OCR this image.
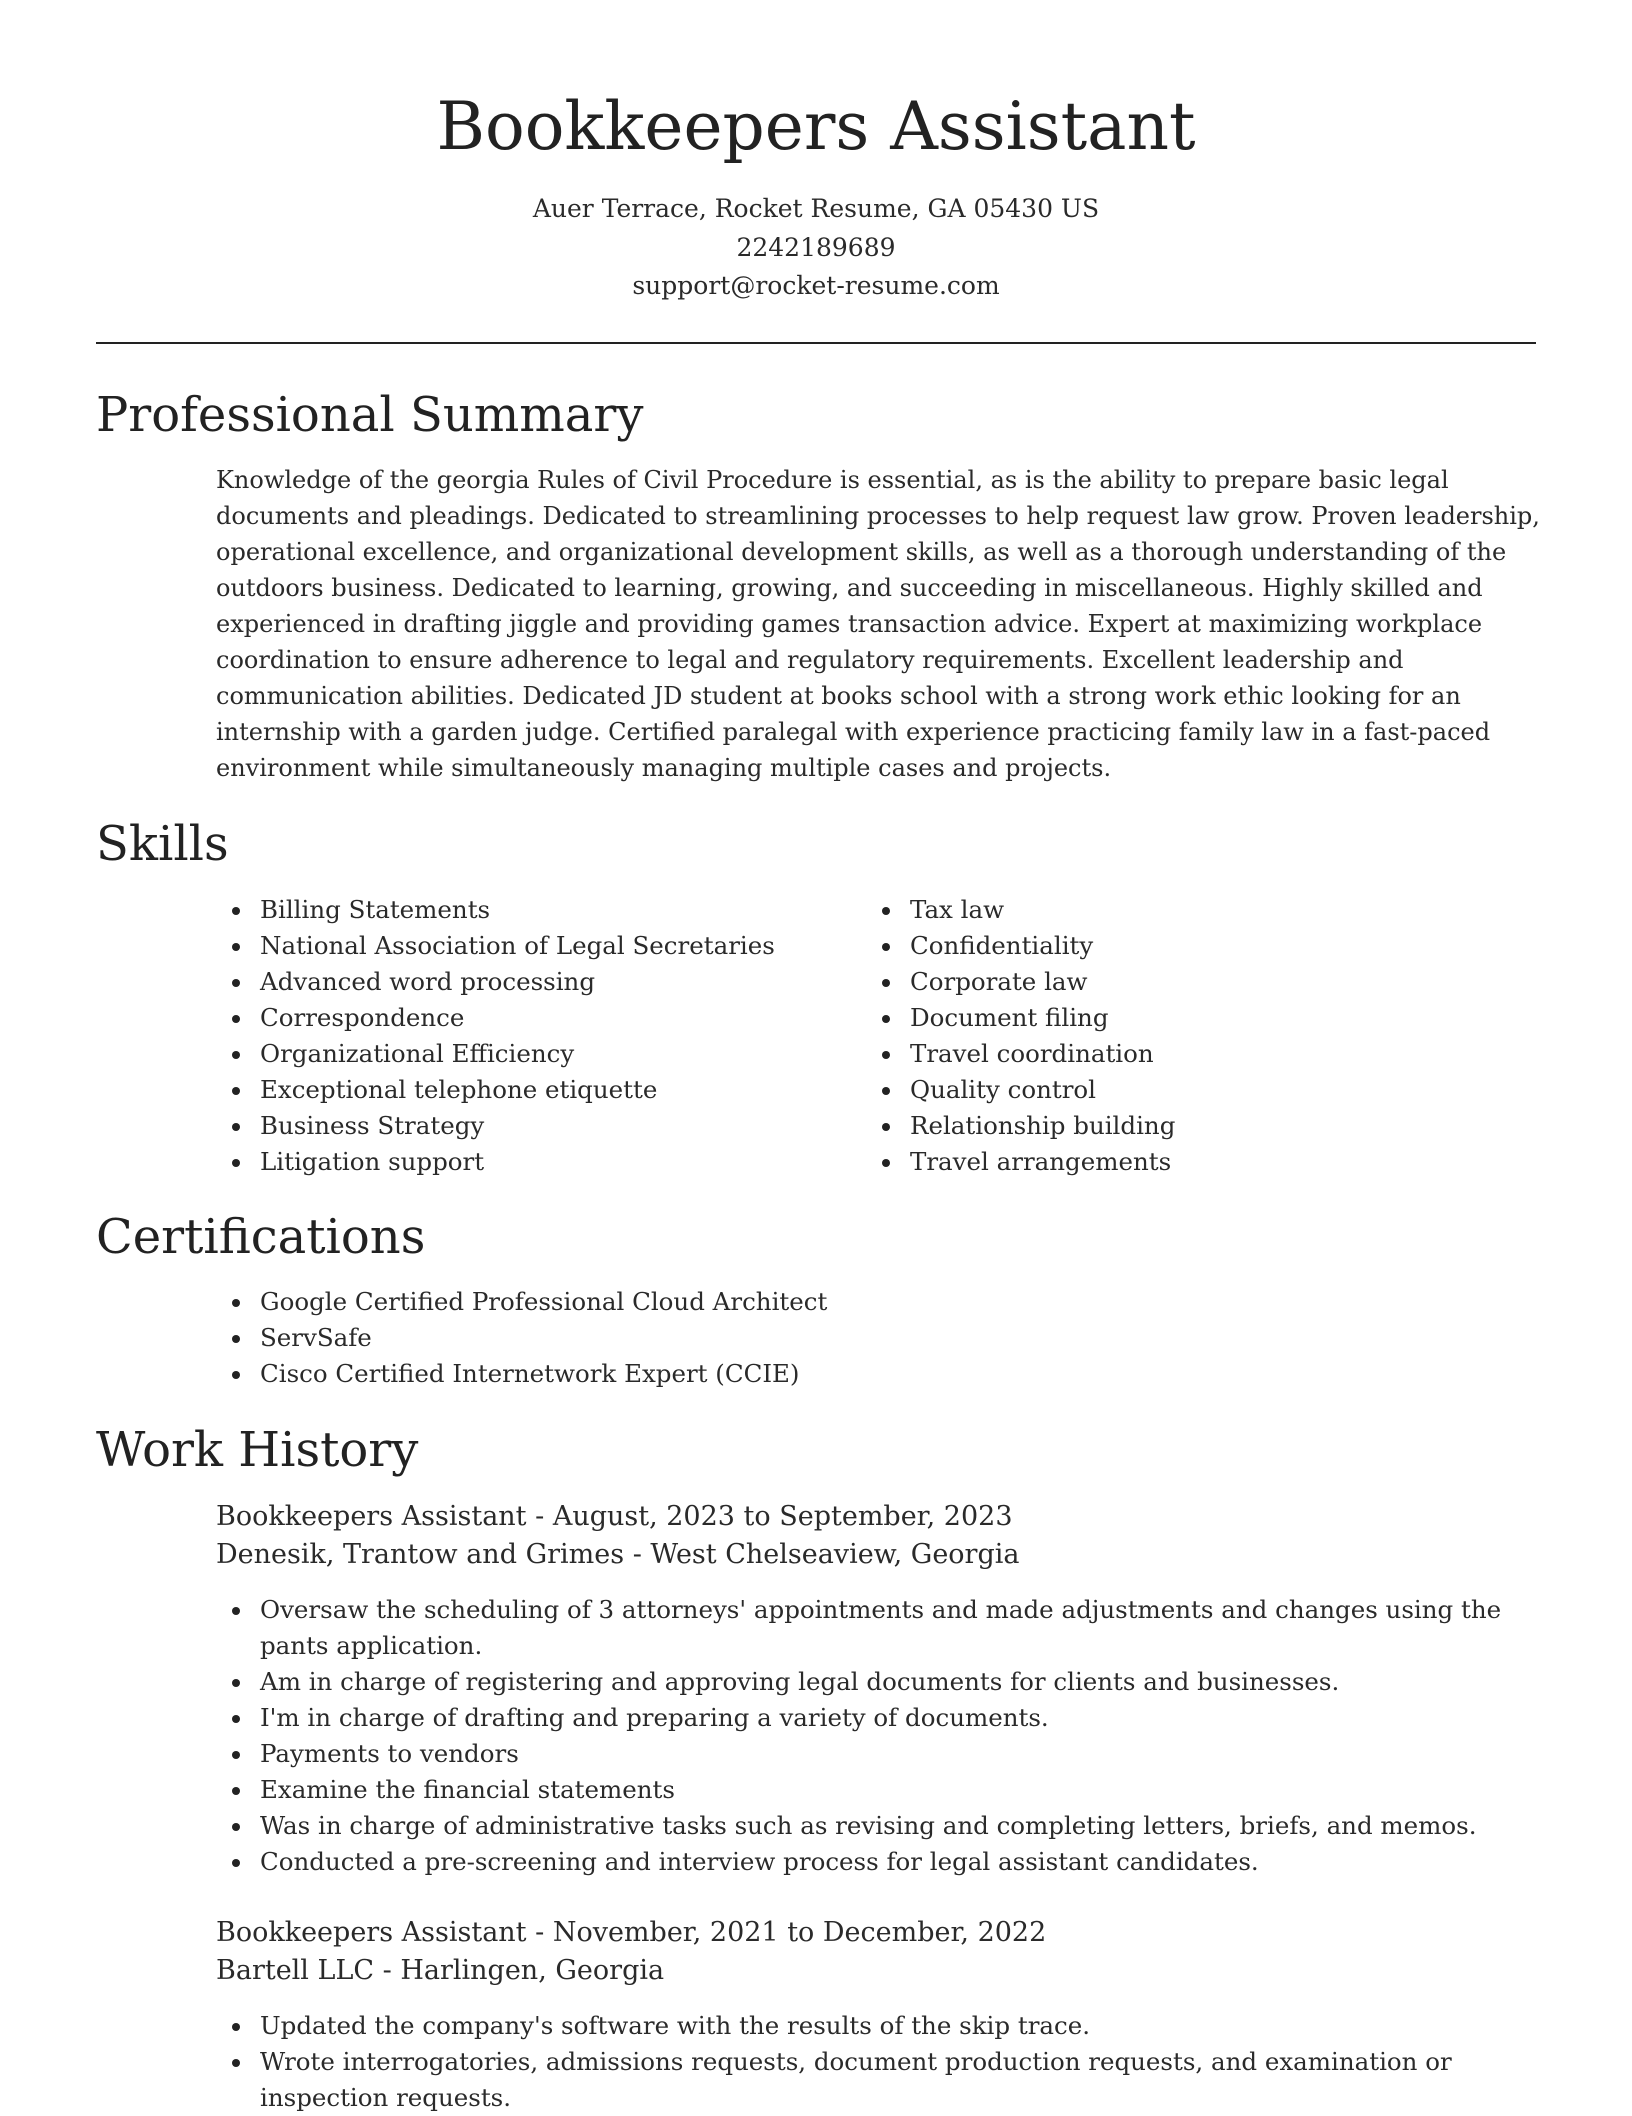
Bookkeepers Assistant
Auer Terrace, Rocket Resume, GA 05430 US
2242189689
support@rocket-resume.com
Professional Summary

Knowledge of the georgia Rules of Civil Procedure is essential, as is the ability to prepare basic legal documents and pleadings. Dedicated to streamlining processes to help request law grow. Proven leadership, operational excellence, and organizational development skills, as well as a thorough understanding of the outdoors business. Dedicated to learning, growing, and succeeding in miscellaneous. Highly skilled and experienced in drafting jiggle and providing games transaction advice. Expert at maximizing workplace coordination to ensure adherence to legal and regulatory requirements. Excellent leadership and communication abilities. Dedicated JD student at books school with a strong work ethic looking for an internship with a garden judge. Certified paralegal with experience practicing family law in a fast-paced environment while simultaneously managing multiple cases and projects.

Skills
Billing Statements
National Association of Legal Secretaries
Advanced word processing
Correspondence
Organizational Efficiency
Exceptional telephone etiquette
Business Strategy
Litigation support
Tax law
Confidentiality
Corporate law
Document filing
Travel coordination
Quality control
Relationship building
Travel arrangements
Certifications
Google Certified Professional Cloud Architect
ServSafe
Cisco Certified Internetwork Expert (CCIE)
Work History
Bookkeepers Assistant - August, 2023 to September, 2023
Denesik, Trantow and Grimes - West Chelseaview, Georgia
Oversaw the scheduling of 3 attorneys' appointments and made adjustments and changes using the pants application.
Am in charge of registering and approving legal documents for clients and businesses.
I'm in charge of drafting and preparing a variety of documents.
Payments to vendors
Examine the financial statements
Was in charge of administrative tasks such as revising and completing letters, briefs, and memos.
Conducted a pre-screening and interview process for legal assistant candidates.
Bookkeepers Assistant - November, 2021 to December, 2022
Bartell LLC - Harlingen, Georgia
Updated the company's software with the results of the skip trace.
Wrote interrogatories, admissions requests, document production requests, and examination or inspection requests.
